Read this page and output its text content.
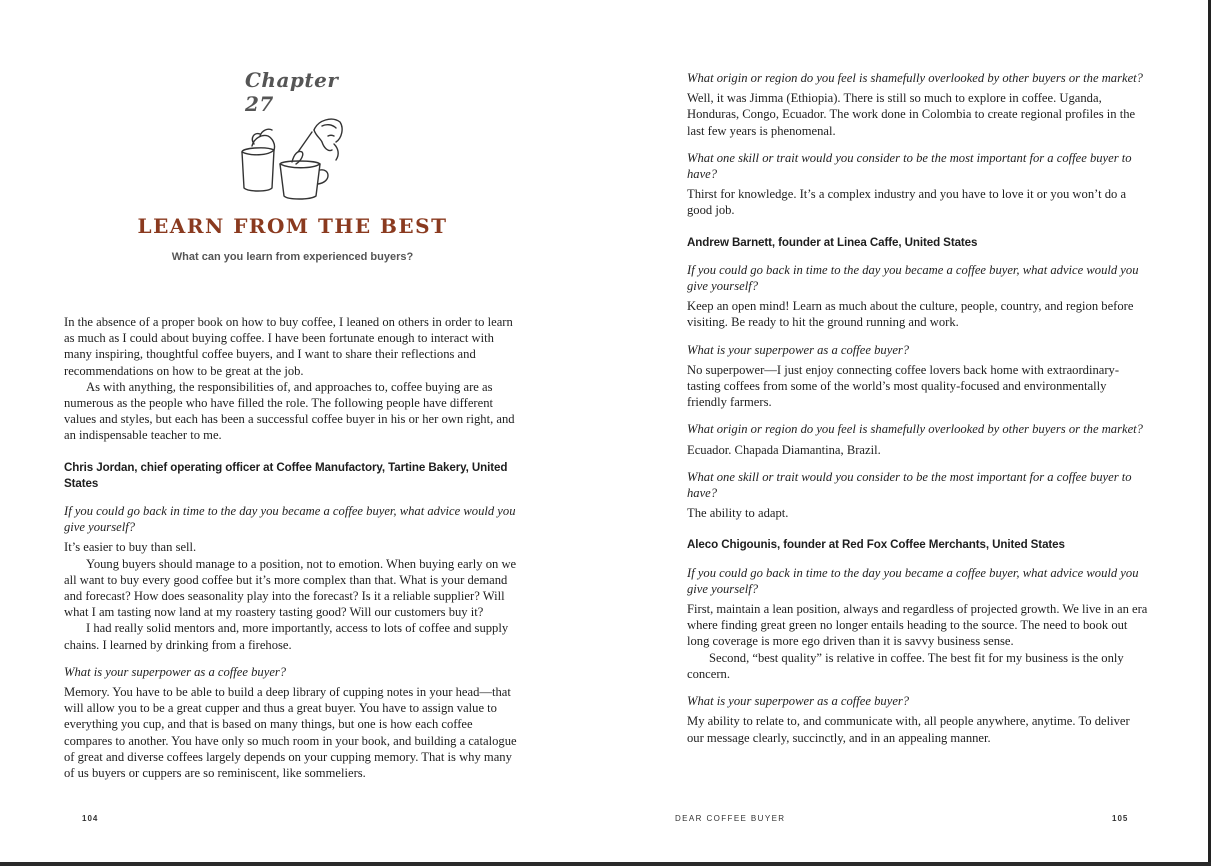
Chapter 27
LEARN FROM THE BEST
What can you learn from experienced buyers?

In the absence of a proper book on how to buy coffee, I leaned on others in order to learn as much as I could about buying coffee. I have been fortunate enough to interact with many inspiring, thoughtful coffee buyers, and I want to share their reflections and recommendations on how to be great at the job.

As with anything, the responsibilities of, and approaches to, coffee buying are as numerous as the people who have filled the role. The following people have different values and styles, but each has been a successful coffee buyer in his or her own right, and an indispensable teacher to me.

Chris Jordan, chief operating officer at Coffee Manufactory, Tartine Bakery, United States

If you could go back in time to the day you became a coffee buyer, what advice would you give yourself?

It’s easier to buy than sell.

Young buyers should manage to a position, not to emotion. When buying early on we all want to buy every good coffee but it’s more complex than that. What is your demand and forecast? How does seasonality play into the forecast? Is it a reliable supplier? Will what I am tasting now land at my roastery tasting good? Will our customers buy it?

I had really solid mentors and, more importantly, access to lots of coffee and supply chains. I learned by drinking from a firehose.

What is your superpower as a coffee buyer?

Memory. You have to be able to build a deep library of cupping notes in your head—that will allow you to be a great cupper and thus a great buyer. You have to assign value to everything you cup, and that is based on many things, but one is how each coffee compares to another. You have only so much room in your book, and building a catalogue of great and diverse coffees largely depends on your cupping memory. That is why many of us buyers or cuppers are so reminiscent, like sommeliers.

104

What origin or region do you feel is shamefully overlooked by other buyers or the market?

Well, it was Jimma (Ethiopia). There is still so much to explore in coffee. Uganda, Honduras, Congo, Ecuador. The work done in Colombia to create regional profiles in the last few years is phenomenal.

What one skill or trait would you consider to be the most important for a coffee buyer to have?

Thirst for knowledge. It’s a complex industry and you have to love it or you won’t do a good job.

Andrew Barnett, founder at Linea Caffe, United States

If you could go back in time to the day you became a coffee buyer, what advice would you give yourself?

Keep an open mind! Learn as much about the culture, people, country, and region before visiting. Be ready to hit the ground running and work.

What is your superpower as a coffee buyer?

No superpower—I just enjoy connecting coffee lovers back home with extraordinary-tasting coffees from some of the world’s most quality-focused and environmentally friendly farmers.

What origin or region do you feel is shamefully overlooked by other buyers or the market?

Ecuador. Chapada Diamantina, Brazil.

What one skill or trait would you consider to be the most important for a coffee buyer to have?

The ability to adapt.

Aleco Chigounis, founder at Red Fox Coffee Merchants, United States

If you could go back in time to the day you became a coffee buyer, what advice would you give yourself?

First, maintain a lean position, always and regardless of projected growth. We live in an era where finding great green no longer entails heading to the source. The need to book out long coverage is more ego driven than it is savvy business sense.

Second, “best quality” is relative in coffee. The best fit for my business is the only concern.

What is your superpower as a coffee buyer?

My ability to relate to, and communicate with, all people anywhere, anytime. To deliver our message clearly, succinctly, and in an appealing manner.

DEAR COFFEE BUYER	105
